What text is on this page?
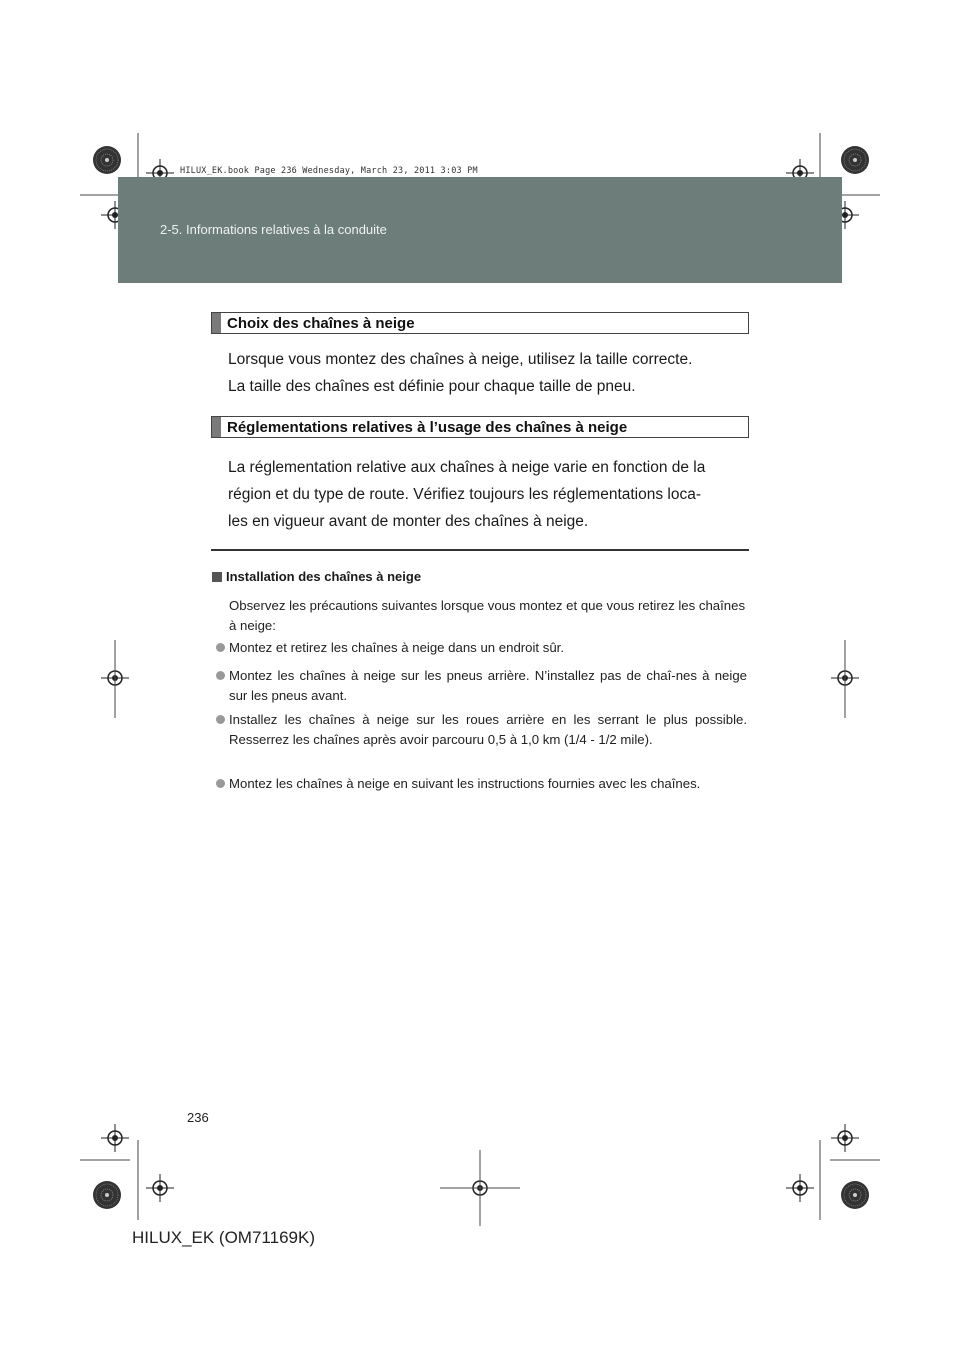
2-5. Informations relatives à la conduite
HILUX_EK.book Page 236 Wednesday, March 23, 2011 3:03 PM
Choix des chaînes à neige
Lorsque vous montez des chaînes à neige, utilisez la taille correcte.
La taille des chaînes est définie pour chaque taille de pneu.
Réglementations relatives à l’usage des chaînes à neige
La réglementation relative aux chaînes à neige varie en fonction de la
région et du type de route. Vérifiez toujours les réglementations loca-
les en vigueur avant de monter des chaînes à neige.
Installation des chaînes à neige
Observez les précautions suivantes lorsque vous montez et que vous retirez les chaînes à neige:
Montez et retirez les chaînes à neige dans un endroit sûr.
Montez les chaînes à neige sur les pneus arrière. N’installez pas de chaî-nes à neige sur les pneus avant.
Installez les chaînes à neige sur les roues arrière en les serrant le plus possible. Resserrez les chaînes après avoir parcouru 0,5 à 1,0 km (1/4 - 1/2 mile).
Montez les chaînes à neige en suivant les instructions fournies avec les chaînes.
236
HILUX_EK (OM71169K)
